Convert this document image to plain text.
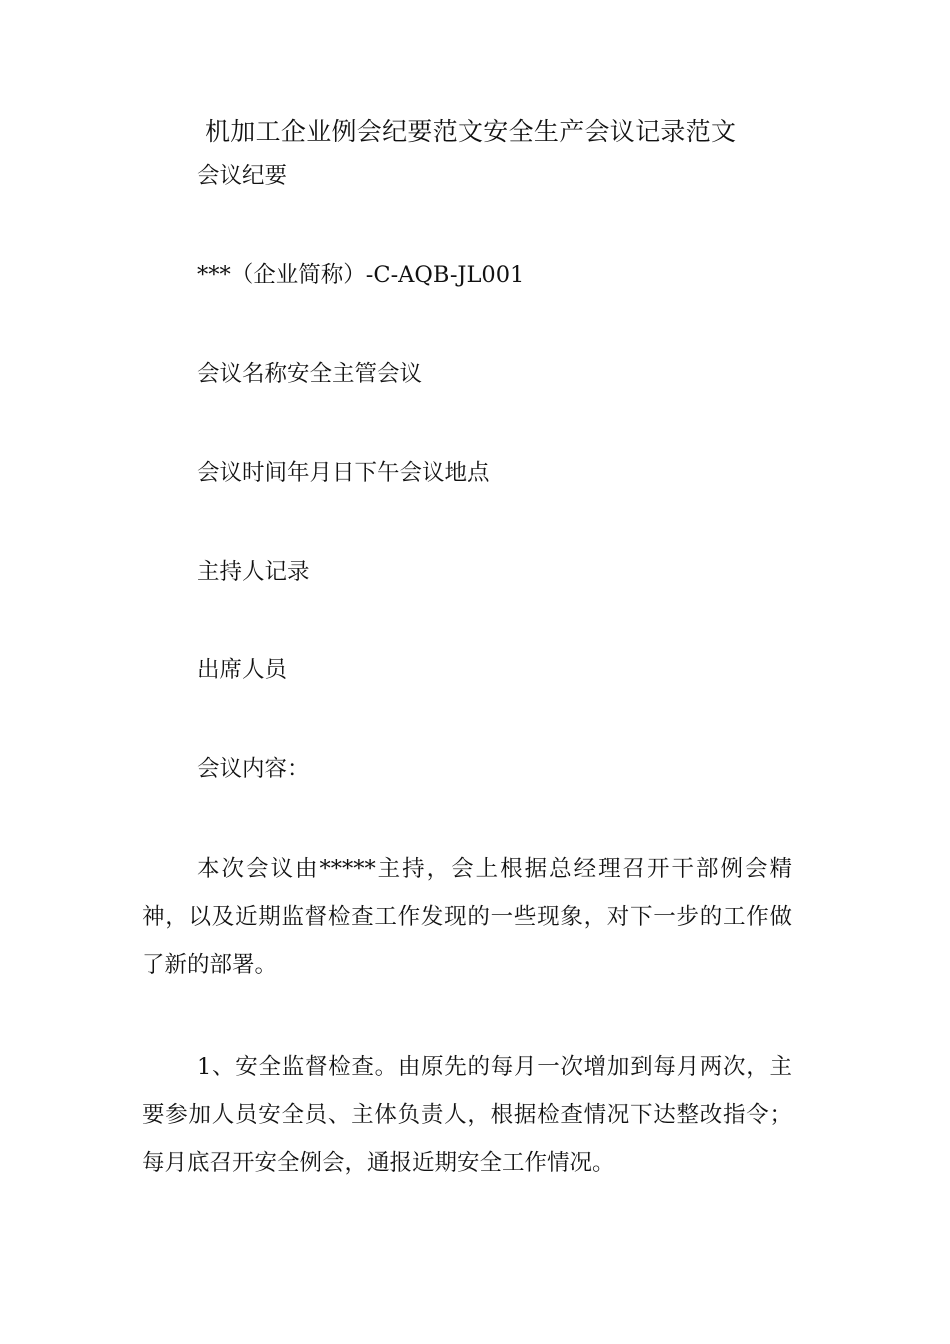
机加工企业例会纪要范文安全生产会议记录范文
会议纪要
***（企业简称）-C-AQB-JL001
会议名称安全主管会议
会议时间年月日下午会议地点
主持人记录
出席人员
会议内容：
本次会议由*****主持，会上根据总经理召开干部例会精神，以及近期监督检查工作发现的一些现象，对下一步的工作做了新的部署。
1、安全监督检查。由原先的每月一次增加到每月两次，主要参加人员安全员、主体负责人，根据检查情况下达整改指令；每月底召开安全例会，通报近期安全工作情况。
